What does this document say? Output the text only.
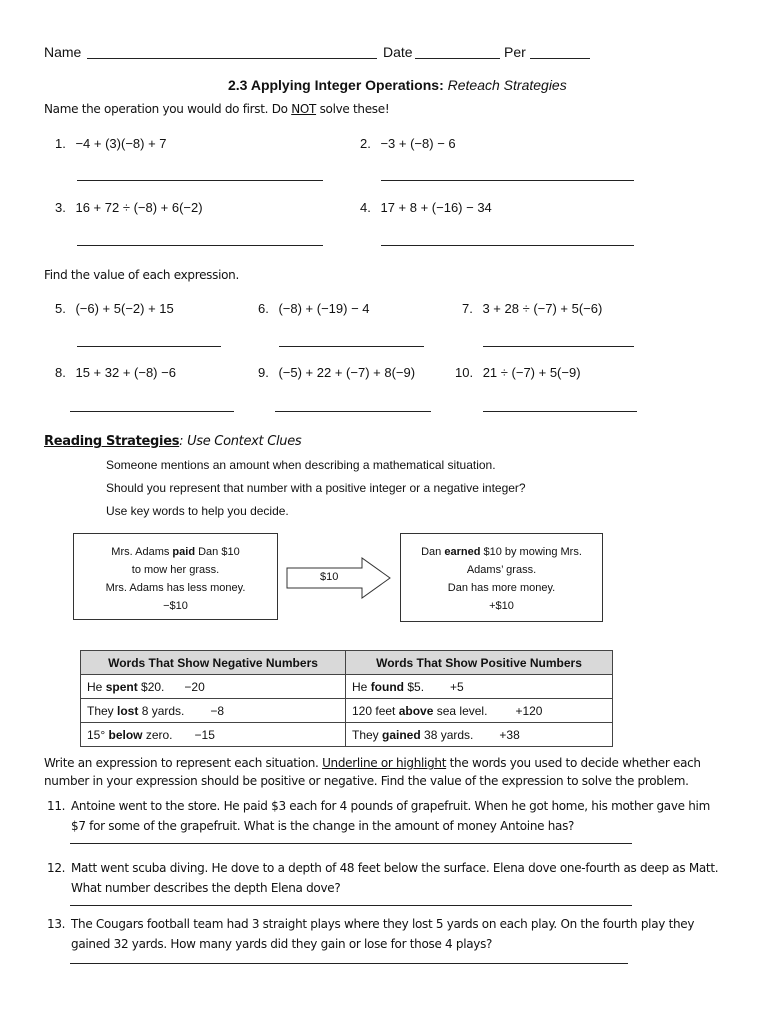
Name	Date	Per
2.3 Applying Integer Operations: Reteach Strategies
Name the operation you would do first. Do NOT solve these!
1. −4 + (3)(−8) + 7	2. −3 + (−8) − 6
3. 16 + 72 ÷ (−8) + 6(−2)	4. 17 + 8 + (−16) − 34
Find the value of each expression.
5. (−6) + 5(−2) + 15	6. (−8) + (−19) − 4	7. 3 + 28 ÷ (−7) + 5(−6)
8. 15 + 32 + (−8) −6	9. (−5) + 22 + (−7) + 8(−9)	10. 21 ÷ (−7) + 5(−9)
Reading Strategies: Use Context Clues
Someone mentions an amount when describing a mathematical situation.
Should you represent that number with a positive integer or a negative integer?
Use key words to help you decide.
Mrs. Adams paid Dan $10
to mow her grass.
Mrs. Adams has less money.
−$10
$10
Dan earned $10 by mowing Mrs.
Adams’ grass.
Dan has more money.
+$10
Words That Show Negative Numbers	Words That Show Positive Numbers
He spent $20. −20	He found $5. +5
They lost 8 yards. −8	120 feet above sea level. +120
15° below zero. −15	They gained 38 yards. +38
Write an expression to represent each situation. Underline or highlight the words you used to decide whether each
number in your expression should be positive or negative. Find the value of the expression to solve the problem.
11. Antoine went to the store. He paid $3 each for 4 pounds of grapefruit. When he got home, his mother gave him $7 for some of the grapefruit. What is the change in the amount of money Antoine has?
12. Matt went scuba diving. He dove to a depth of 48 feet below the surface. Elena dove one-fourth as deep as Matt. What number describes the depth Elena dove?
13. The Cougars football team had 3 straight plays where they lost 5 yards on each play. On the fourth play they gained 32 yards. How many yards did they gain or lose for those 4 plays?
